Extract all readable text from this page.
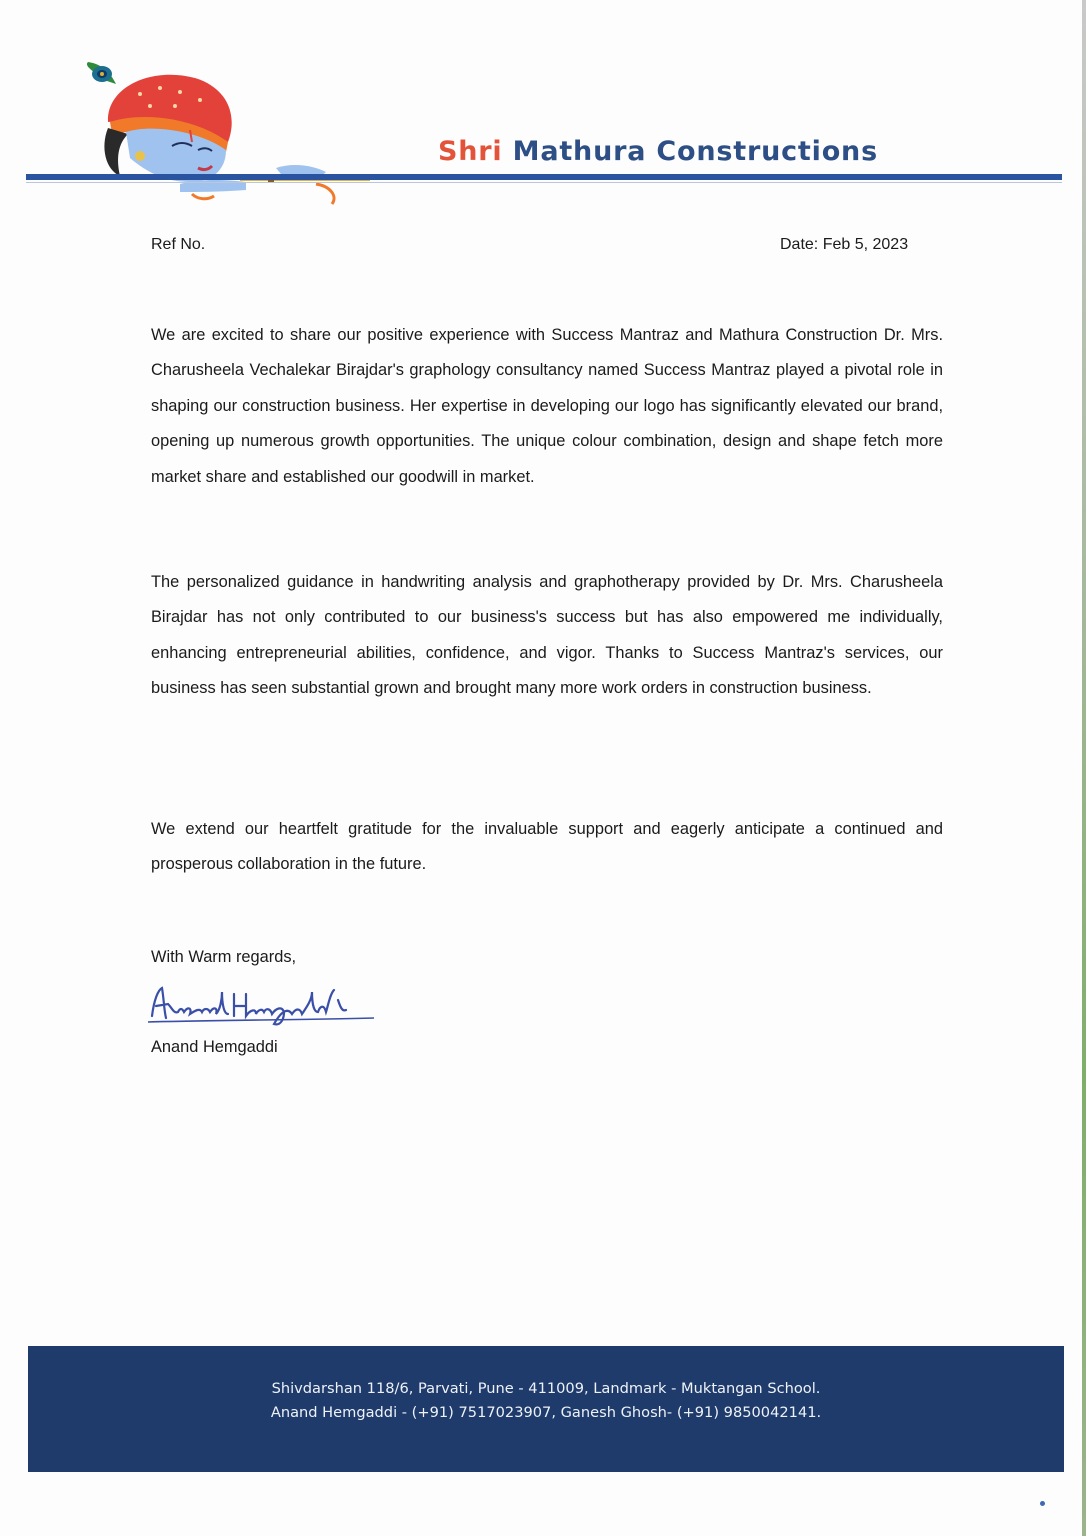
Shri Mathura Constructions
Ref No.	Date: Feb 5, 2023

We are excited to share our positive experience with Success Mantraz and Mathura Construction Dr. Mrs. Charusheela Vechalekar Birajdar's graphology consultancy named Success Mantraz played a pivotal role in shaping our construction business. Her expertise in developing our logo has significantly elevated our brand, opening up numerous growth opportunities. The unique colour combination, design and shape fetch more market share and established our goodwill in market.

The personalized guidance in handwriting analysis and graphotherapy provided by Dr. Mrs. Charusheela Birajdar has not only contributed to our business's success but has also empowered me individually, enhancing entrepreneurial abilities, confidence, and vigor. Thanks to Success Mantraz's services, our business has seen substantial grown and brought many more work orders in construction business.

We extend our heartfelt gratitude for the invaluable support and eagerly anticipate a continued and prosperous collaboration in the future.

With Warm regards,
Anand Hemgaddi
Shivdarshan 118/6, Parvati, Pune - 411009, Landmark - Muktangan School.
Anand Hemgaddi - (+91) 7517023907, Ganesh Ghosh- (+91) 9850042141.
